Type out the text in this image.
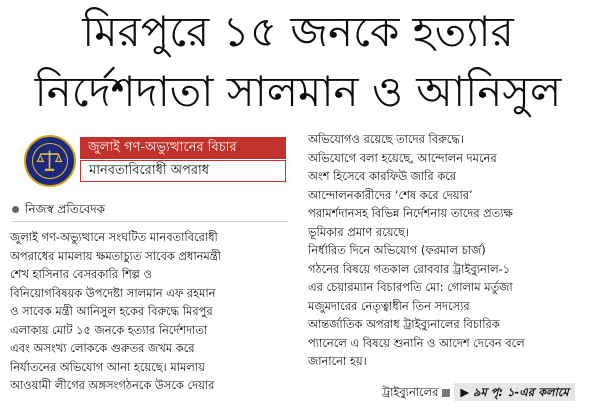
মিরপুরে ১৫ জনকে হত্যার
নির্দেশদাতা সালমান ও আনিসুল
জুলাই গণ-অভ্যুত্থানের বিচার
মানবতাবিরোধী অপরাধ
নিজস্ব প্রতিবেদক
জুলাই গণ-অভ্যুত্থানে সংঘটিত মানবতাবিরোধী
অপরাধের মামলায় ক্ষমতাচ্যুত সাবেক প্রধানমন্ত্রী
শেখ হাসিনার বেসরকারি শিল্প ও
বিনিয়োগবিষয়ক উপদেষ্টা সালমান এফ রহমান
ও সাবেক মন্ত্রী আনিসুল হকের বিরুদ্ধে মিরপুর
এলাকায় মোট ১৫ জনকে হত্যার নির্দেশদাতা
এবং অসংখ্য লোককে গুরুতর জখম করে
নির্যাতনের অভিযোগ আনা হয়েছে। মামলায়
আওয়ামী লীগের অঙ্গসংগঠনকে উসকে দেয়ার
অভিযোগও রয়েছে তাদের বিরুদ্ধে।
অভিযোগে বলা হয়েছে, আন্দোলন দমনের
অংশ হিসেবে কারফিউ জারি করে
আন্দোলনকারীদের ‘শেষ করে দেয়ার’
পরামর্শদানসহ বিভিন্ন নির্দেশনায় তাদের প্রত্যক্ষ
ভূমিকার প্রমাণ রয়েছে।
নির্ধারিত দিনে অভিযোগ (ফরমাল চার্জ)
গঠনের বিষয়ে গতকাল রোববার ট্রাইব্যুনাল-১
এর চেয়ারম্যান বিচারপতি মো: গোলাম মর্তুজা
মজুমদারের নেতৃত্বাধীন তিন সদস্যের
আন্তর্জাতিক অপরাধ ট্রাইব্যুনালের বিচারিক
প্যানেলে এ বিষয়ে শুনানি ও আদেশ দেবেন বলে
জানানো হয়।
ট্রাইব্যুনালের ▶ ৯ম পৃ: ১-এর কলামে
